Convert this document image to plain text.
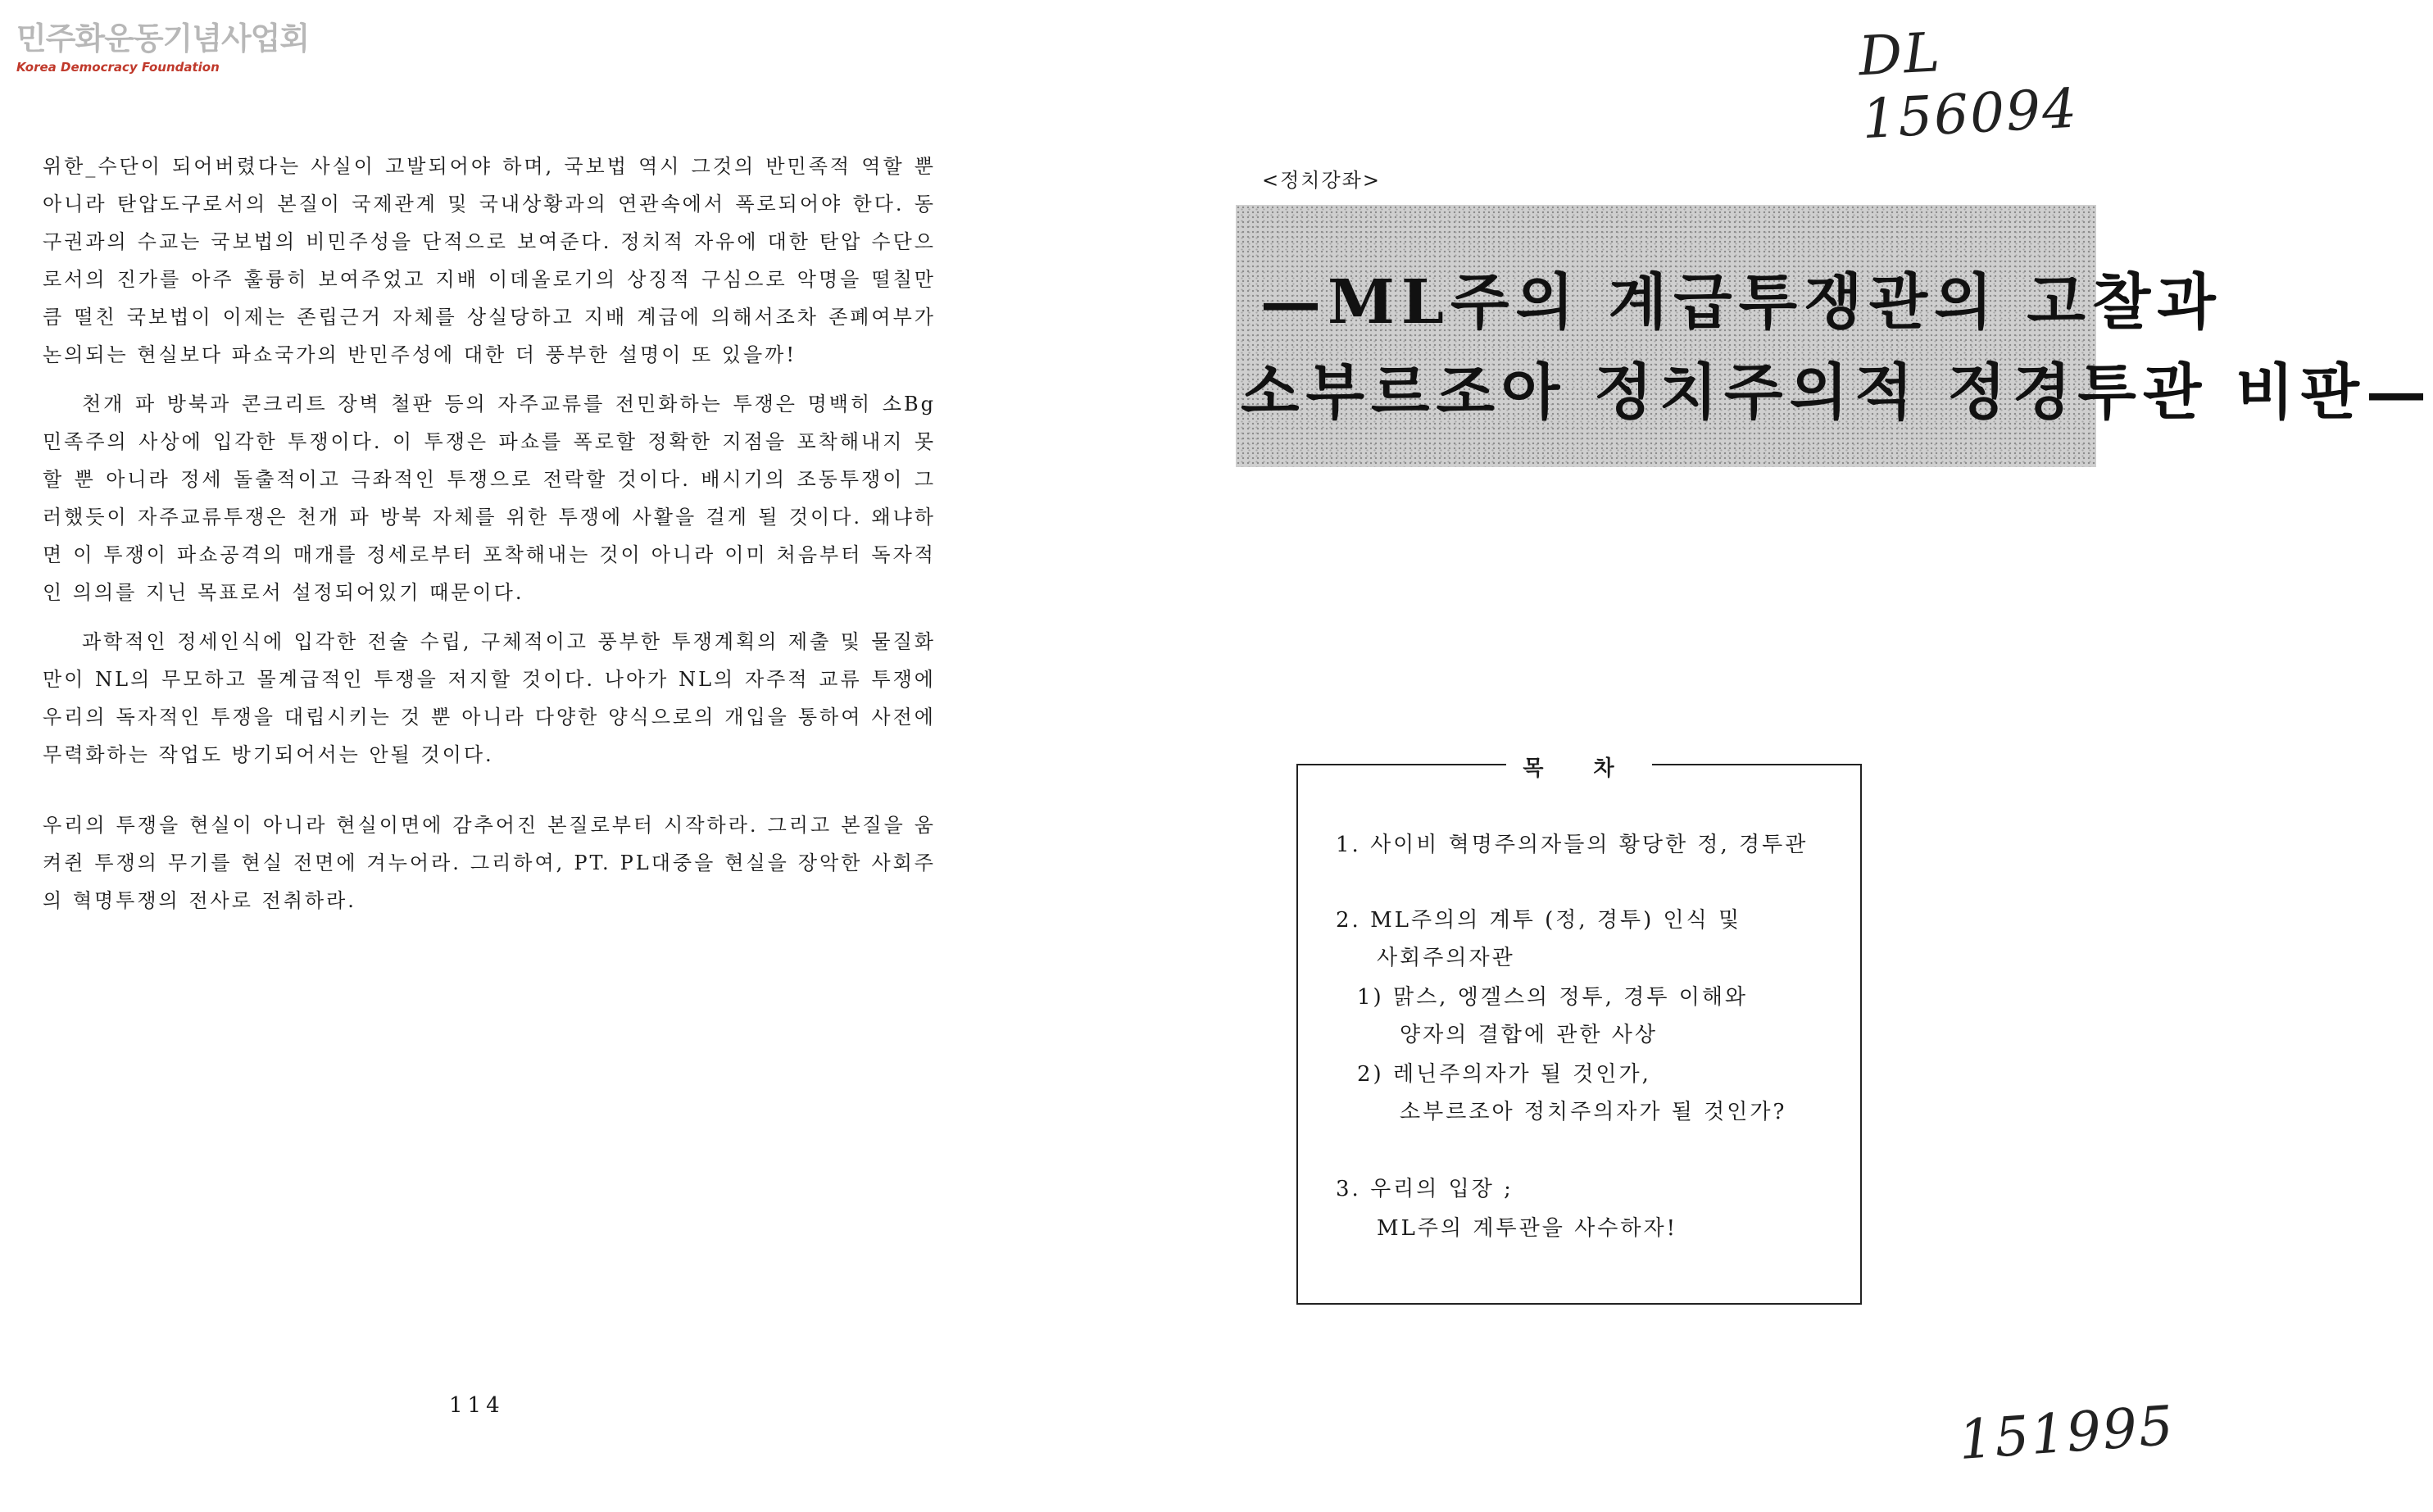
민주화운동기념사업회
Korea Democracy Foundation	DL 156094
151995

위한_수단이 되어버렸다는 사실이 고발되어야 하며, 국보법 역시 그것의 반민족적 역할 뿐 아니라 탄압도구로서의 본질이 국제관계 및 국내상황과의 연관속에서 폭로되어야 한다. 동구권과의 수교는 국보법의 비민주성을 단적으로 보여준다. 정치적 자유에 대한 탄압 수단으로서의 진가를 아주 훌륭히 보여주었고 지배 이데올로기의 상징적 구심으로 악명을 떨칠만큼 떨친 국보법이 이제는 존립근거 자체를 상실당하고 지배 계급에 의해서조차 존폐여부가 논의되는 현실보다 파쇼국가의 반민주성에 대한 더 풍부한 설명이 또 있을까!

천개 파 방북과 콘크리트 장벽 철판 등의 자주교류를 전민화하는 투쟁은 명백히 소Bg 민족주의 사상에 입각한 투쟁이다. 이 투쟁은 파쇼를 폭로할 정확한 지점을 포착해내지 못할 뿐 아니라 정세 돌출적이고 극좌적인 투쟁으로 전락할 것이다. 배시기의 조동투쟁이 그러했듯이 자주교류투쟁은 천개 파 방북 자체를 위한 투쟁에 사활을 걸게 될 것이다. 왜냐하면 이 투쟁이 파쇼공격의 매개를 정세로부터 포착해내는 것이 아니라 이미 처음부터 독자적인 의의를 지닌 목표로서 설정되어있기 때문이다.

과학적인 정세인식에 입각한 전술 수립, 구체적이고 풍부한 투쟁계획의 제출 및 물질화만이 NL의 무모하고 몰계급적인 투쟁을 저지할 것이다. 나아가 NL의 자주적 교류 투쟁에 우리의 독자적인 투쟁을 대립시키는 것 뿐 아니라 다양한 양식으로의 개입을 통하여 사전에 무력화하는 작업도 방기되어서는 안될 것이다.

우리의 투쟁을 현실이 아니라 현실이면에 감추어진 본질로부터 시작하라. 그리고 본질을 움켜쥔 투쟁의 무기를 현실 전면에 겨누어라. 그리하여, PT. PL대중을 현실을 장악한 사회주의 혁명투쟁의 전사로 전취하라.

114
<정치강좌>
—ML주의 계급투쟁관의 고찰과
소부르조아 정치주의적 정경투관 비판—
목 차
1. 사이비 혁명주의자들의 황당한 정, 경투관
2. ML주의의 계투 (정, 경투) 인식 및
사회주의자관
1) 맑스, 엥겔스의 정투, 경투 이해와
양자의 결합에 관한 사상
2) 레닌주의자가 될 것인가,
소부르조아 정치주의자가 될 것인가?
3. 우리의 입장 ;
ML주의 계투관을 사수하자!
